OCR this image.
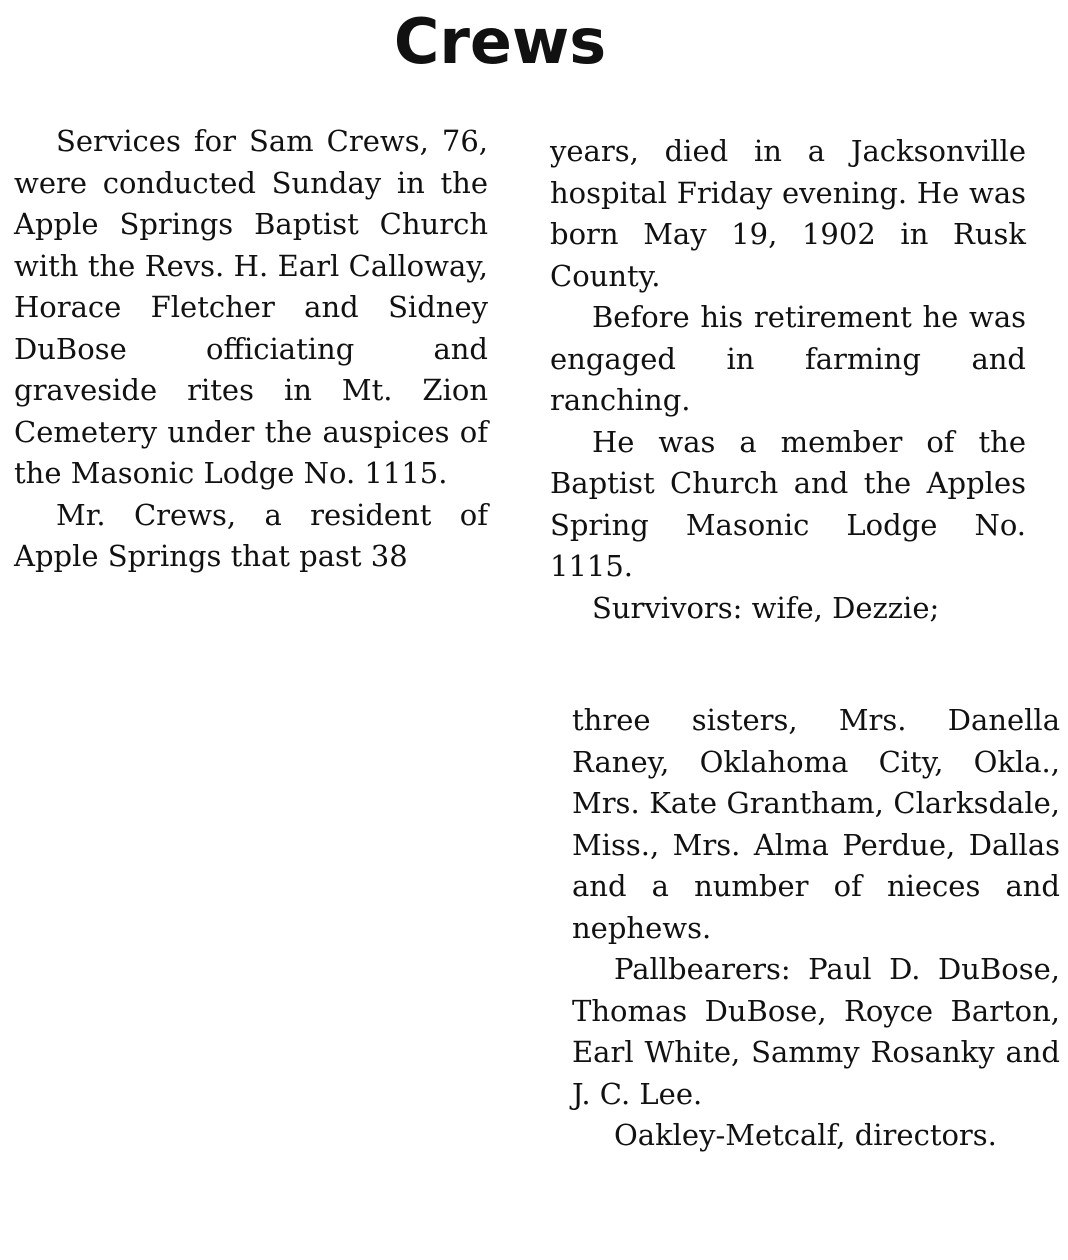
Crews

Services for Sam Crews, 76, were conducted Sunday in the Apple Springs Baptist Church with the Revs. H. Earl Calloway, Horace Fletcher and Sidney DuBose officiating and graveside rites in Mt. Zion Cemetery under the auspices of the Masonic Lodge No. 1115.

Mr. Crews, a resident of Apple Springs that past 38

years, died in a Jacksonville hospital Friday evening. He was born May 19, 1902 in Rusk County.

Before his retirement he was engaged in farming and ranching.

He was a member of the Baptist Church and the Apples Spring Masonic Lodge No. 1115.

Survivors: wife, Dezzie;

three sisters, Mrs. Danella Raney, Oklahoma City, Okla., Mrs. Kate Grantham, Clarksdale, Miss., Mrs. Alma Perdue, Dallas and a number of nieces and nephews.

Pallbearers: Paul D. DuBose, Thomas DuBose, Royce Barton, Earl White, Sammy Rosanky and J. C. Lee.

Oakley-Metcalf, directors.
